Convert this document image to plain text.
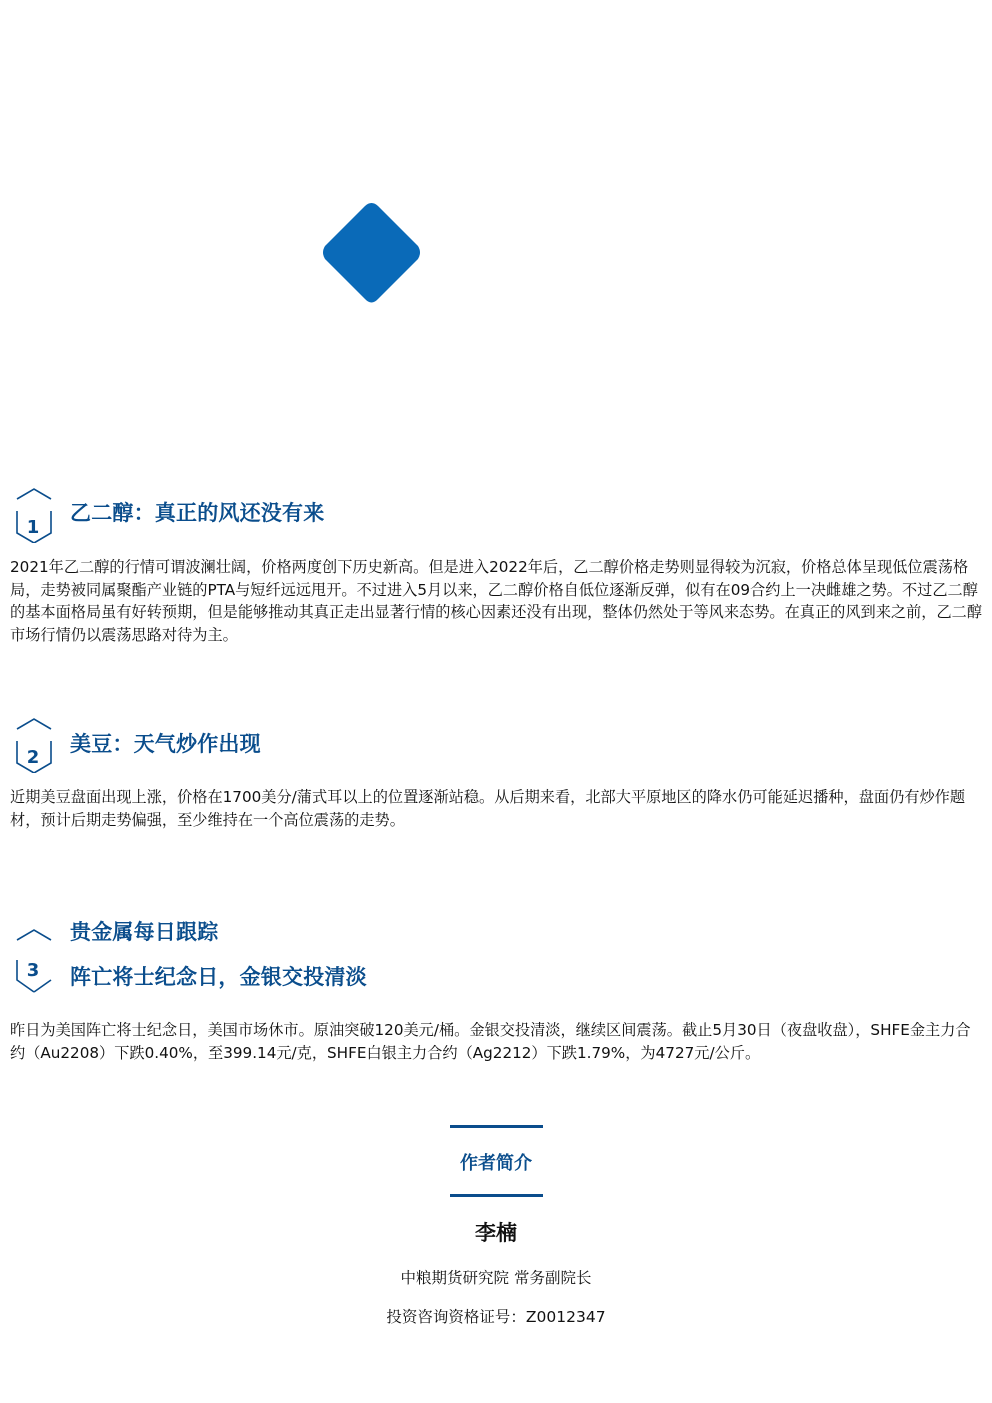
1
乙二醇：真正的风还没有来

2021年乙二醇的行情可谓波澜壮阔，价格两度创下历史新高。但是进入2022年后，乙二醇价格走势则显得较为沉寂，价格总体呈现低位震荡格局，走势被同属聚酯产业链的PTA与短纤远远甩开。不过进入5月以来，乙二醇价格自低位逐渐反弹，似有在09合约上一决雌雄之势。不过乙二醇的基本面格局虽有好转预期，但是能够推动其真正走出显著行情的核心因素还没有出现，整体仍然处于等风来态势。在真正的风到来之前，乙二醇市场行情仍以震荡思路对待为主。

2
美豆：天气炒作出现

近期美豆盘面出现上涨，价格在1700美分/蒲式耳以上的位置逐渐站稳。从后期来看，北部大平原地区的降水仍可能延迟播种，盘面仍有炒作题材，预计后期走势偏强，至少维持在一个高位震荡的走势。

3
贵金属每日跟踪
阵亡将士纪念日，金银交投清淡

昨日为美国阵亡将士纪念日，美国市场休市。原油突破120美元/桶。金银交投清淡，继续区间震荡。截止5月30日（夜盘收盘），SHFE金主力合约（Au2208）下跌0.40%，至399.14元/克，SHFE白银主力合约（Ag2212）下跌1.79%，为4727元/公斤。

作者简介
李楠
中粮期货研究院 常务副院长
投资咨询资格证号：Z0012347
